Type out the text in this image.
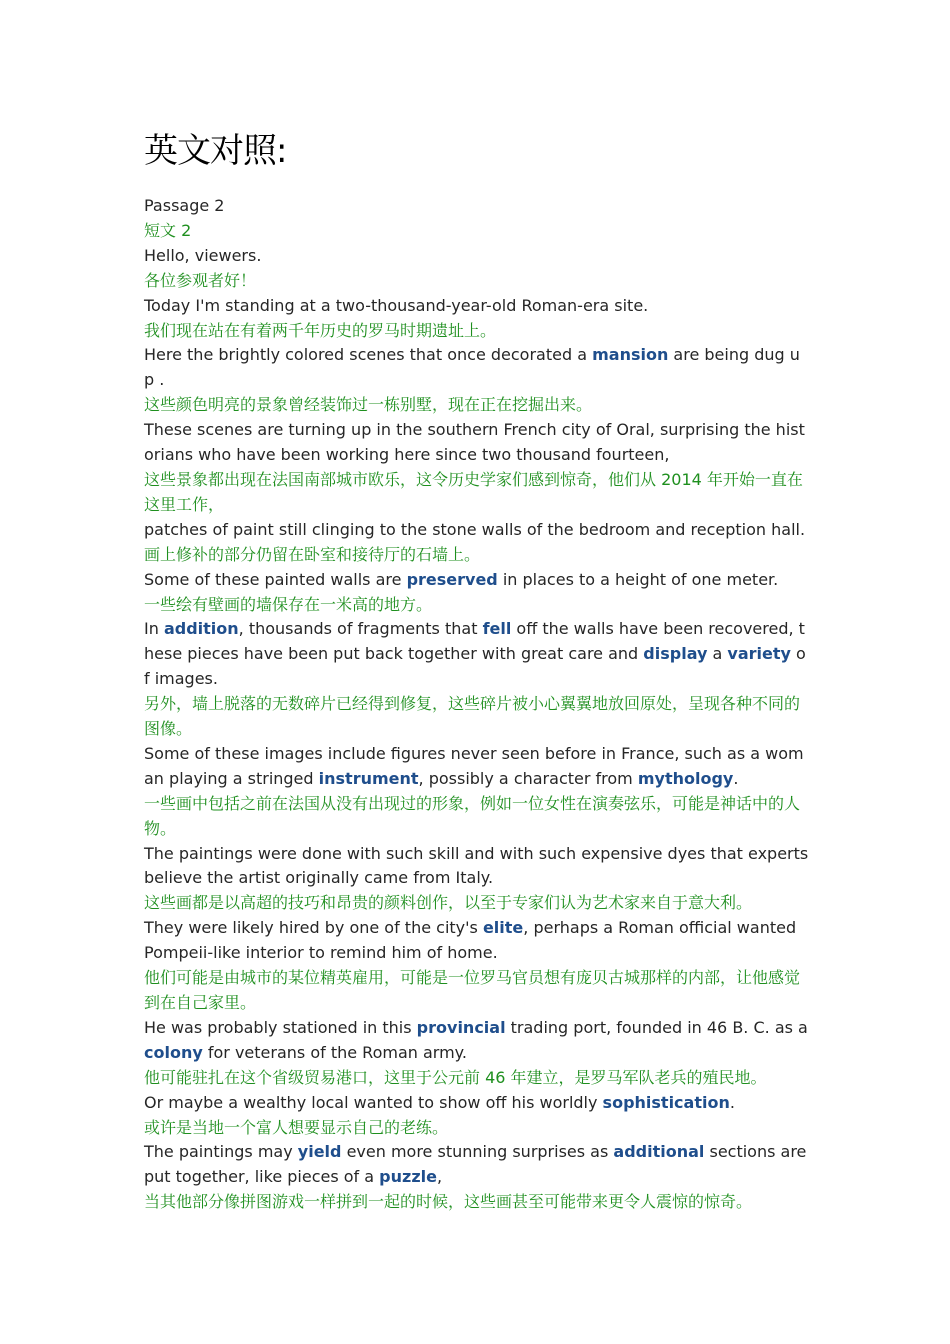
英文对照:

Passage 2

短文 2

Hello, viewers.

各位参观者好！

Today I'm standing at a two-thousand-year-old Roman-era site.

我们现在站在有着两千年历史的罗马时期遗址上。

Here the brightly colored scenes that once decorated a mansion are being dug up .

这些颜色明亮的景象曾经装饰过一栋别墅，现在正在挖掘出来。

These scenes are turning up in the southern French city of Oral, surprising the historians who have been working here since two thousand fourteen,

这些景象都出现在法国南部城市欧乐，这令历史学家们感到惊奇，他们从 2014 年开始一直在这里工作，

patches of paint still clinging to the stone walls of the bedroom and reception hall.

画上修补的部分仍留在卧室和接待厅的石墙上。

Some of these painted walls are preserved in places to a height of one meter.

一些绘有壁画的墙保存在一米高的地方。

In addition, thousands of fragments that fell off the walls have been recovered, these pieces have been put back together with great care and display a variety of images.

另外，墙上脱落的无数碎片已经得到修复，这些碎片被小心翼翼地放回原处，呈现各种不同的图像。

Some of these images include figures never seen before in France, such as a woman playing a stringed instrument, possibly a character from mythology.

一些画中包括之前在法国从没有出现过的形象，例如一位女性在演奏弦乐，可能是神话中的人物。

The paintings were done with such skill and with such expensive dyes that experts believe the artist originally came from Italy.

这些画都是以高超的技巧和昂贵的颜料创作，以至于专家们认为艺术家来自于意大利。

They were likely hired by one of the city's elite, perhaps a Roman official wanted Pompeii-like interior to remind him of home.

他们可能是由城市的某位精英雇用，可能是一位罗马官员想有庞贝古城那样的内部，让他感觉到在自己家里。

He was probably stationed in this provincial trading port, founded in 46 B. C. as a colony for veterans of the Roman army.

他可能驻扎在这个省级贸易港口，这里于公元前 46 年建立，是罗马军队老兵的殖民地。

Or maybe a wealthy local wanted to show off his worldly sophistication.

或许是当地一个富人想要显示自己的老练。

The paintings may yield even more stunning surprises as additional sections are put together, like pieces of a puzzle,

当其他部分像拼图游戏一样拼到一起的时候，这些画甚至可能带来更令人震惊的惊奇。
